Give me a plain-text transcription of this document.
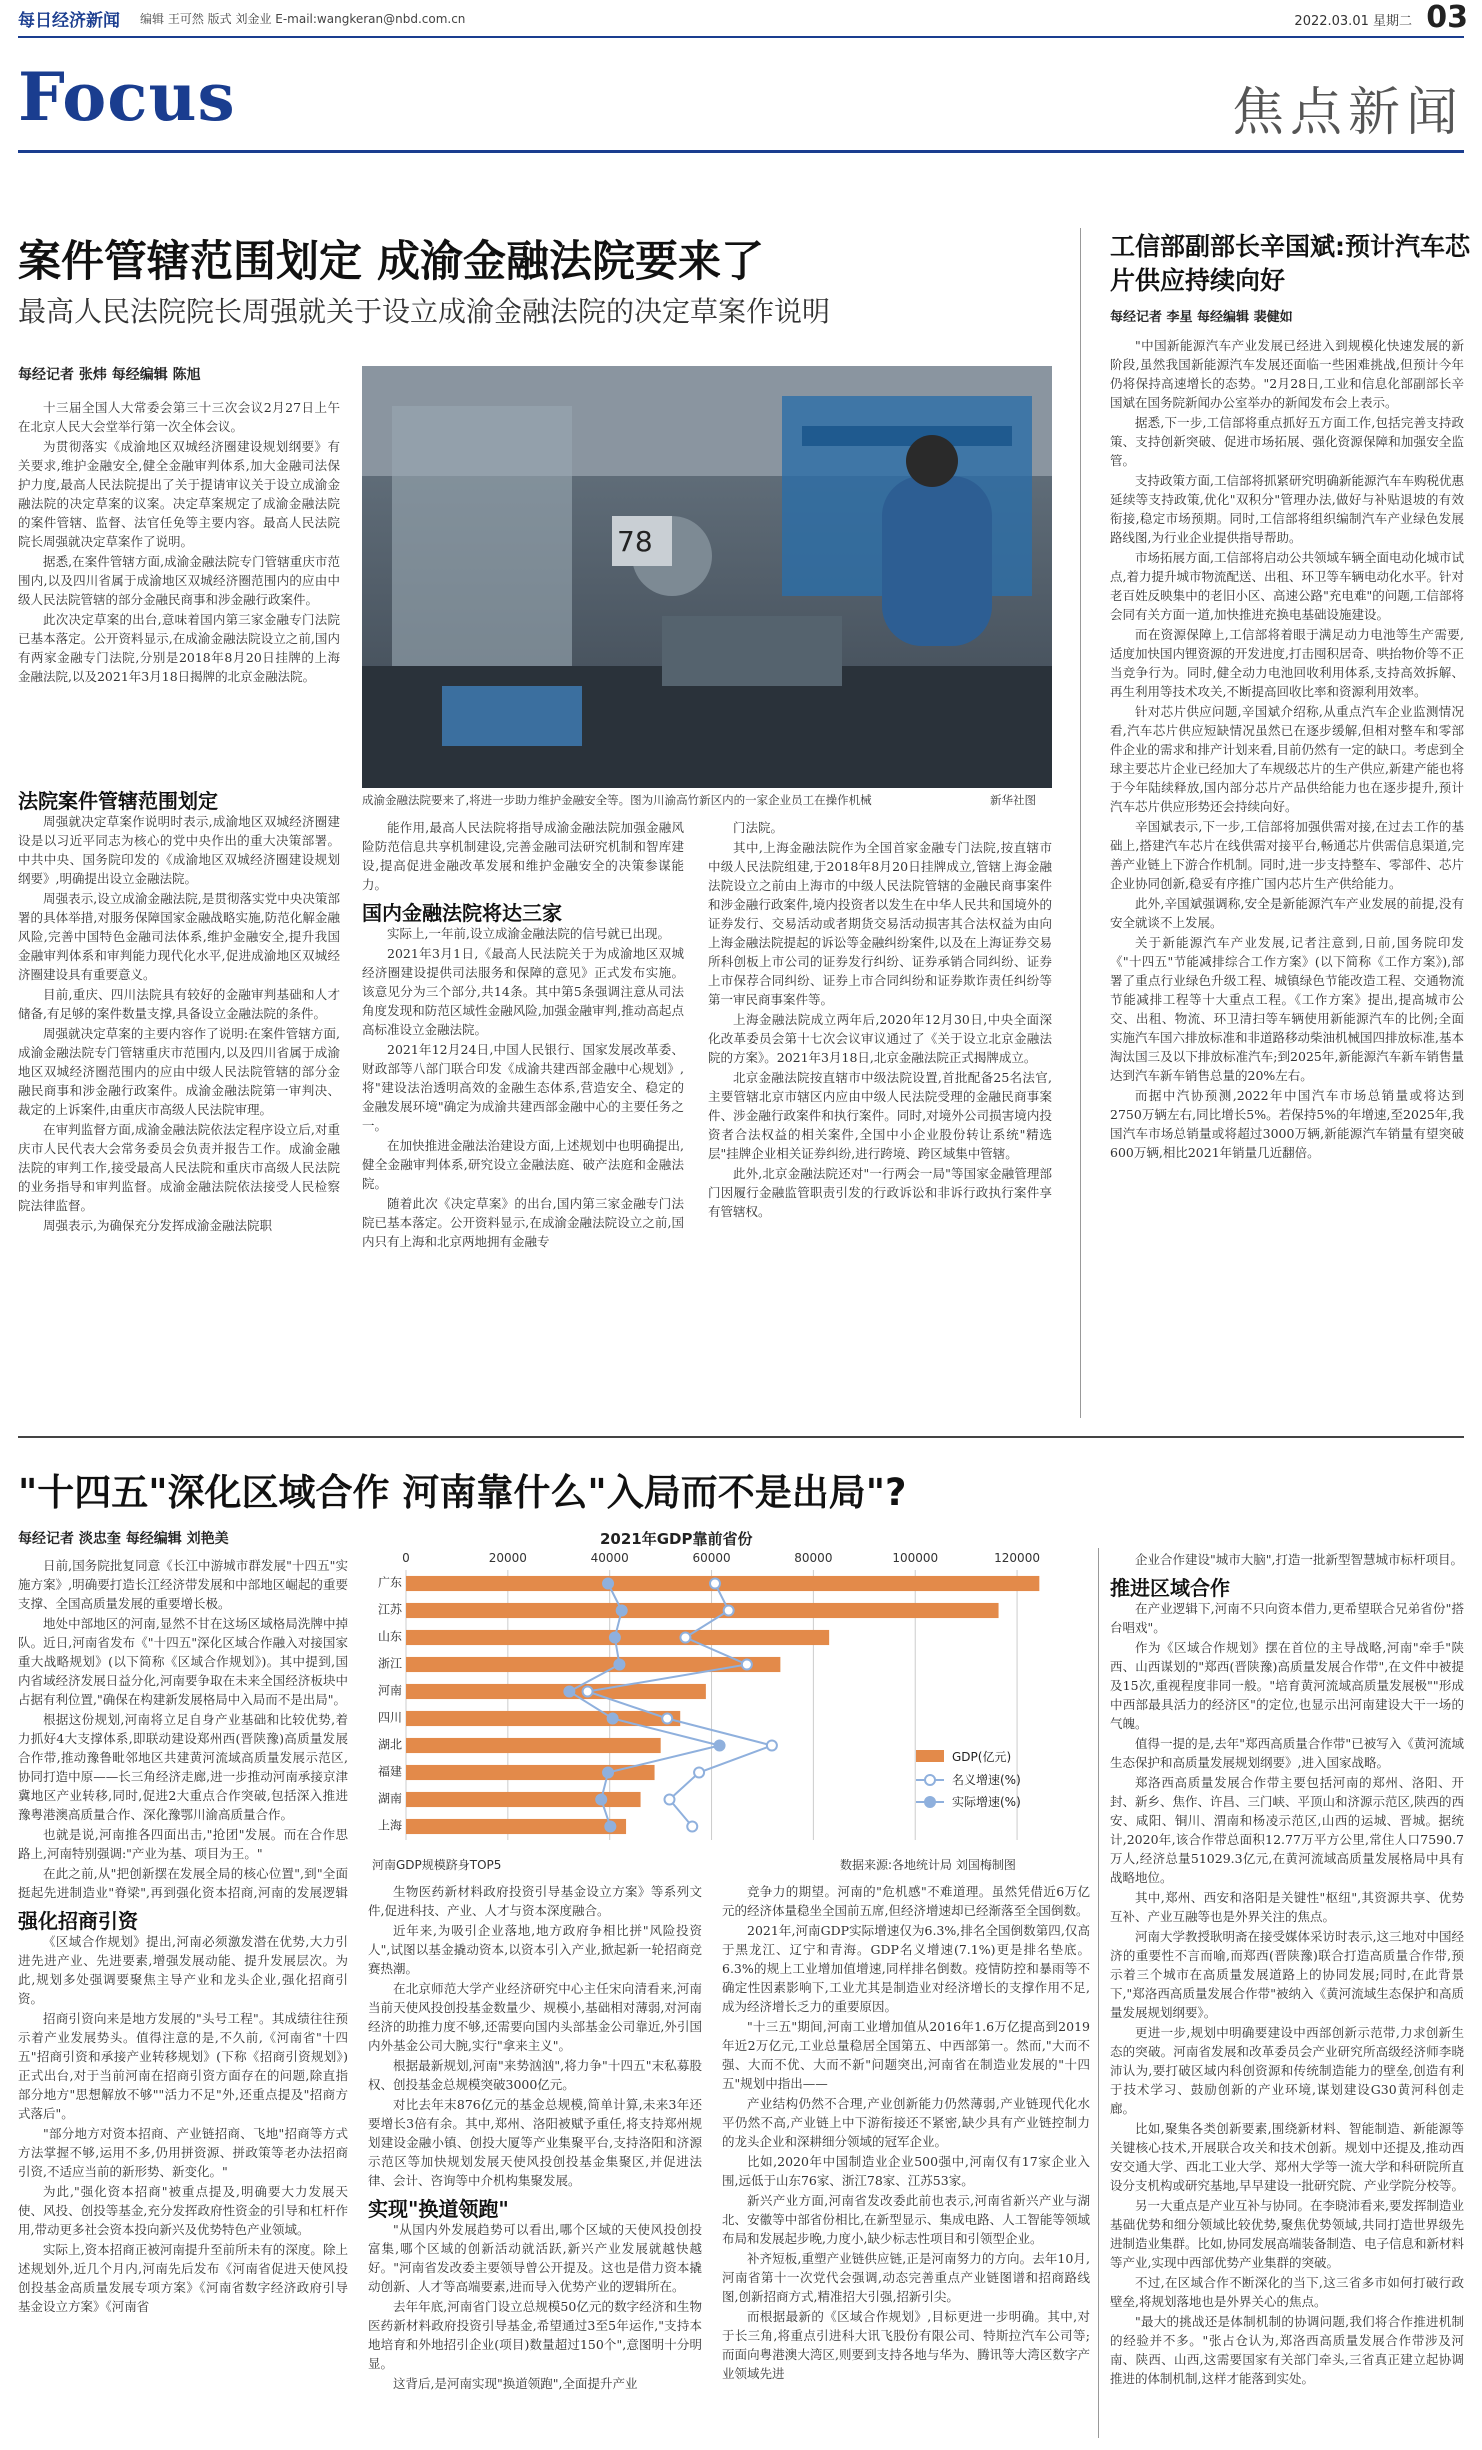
每日经济新闻 编辑 王可然 版式 刘金业 E-mail:wangkeran@nbd.com.cn	2022.03.01 星期二 03
Focus	焦点新闻
案件管辖范围划定 成渝金融法院要来了
最高人民法院院长周强就关于设立成渝金融法院的决定草案作说明
每经记者 张炜 每经编辑 陈旭

十三届全国人大常委会第三十三次会议2月27日上午在北京人民大会堂举行第一次全体会议。

为贯彻落实《成渝地区双城经济圈建设规划纲要》有关要求,维护金融安全,健全金融审判体系,加大金融司法保护力度,最高人民法院提出了关于提请审议关于设立成渝金融法院的决定草案的议案。决定草案规定了成渝金融法院的案件管辖、监督、法官任免等主要内容。最高人民法院院长周强就决定草案作了说明。

据悉,在案件管辖方面,成渝金融法院专门管辖重庆市范围内,以及四川省属于成渝地区双城经济圈范围内的应由中级人民法院管辖的部分金融民商事和涉金融行政案件。

此次决定草案的出台,意味着国内第三家金融专门法院已基本落定。公开资料显示,在成渝金融法院设立之前,国内有两家金融专门法院,分别是2018年8月20日挂牌的上海金融法院,以及2021年3月18日揭牌的北京金融法院。

法院案件管辖范围划定

周强就决定草案作说明时表示,成渝地区双城经济圈建设是以习近平同志为核心的党中央作出的重大决策部署。中共中央、国务院印发的《成渝地区双城经济圈建设规划纲要》,明确提出设立金融法院。

周强表示,设立成渝金融法院,是贯彻落实党中央决策部署的具体举措,对服务保障国家金融战略实施,防范化解金融风险,完善中国特色金融司法体系,维护金融安全,提升我国金融审判体系和审判能力现代化水平,促进成渝地区双城经济圈建设具有重要意义。

目前,重庆、四川法院具有较好的金融审判基础和人才储备,有足够的案件数量支撑,具备设立金融法院的条件。

周强就决定草案的主要内容作了说明:在案件管辖方面,成渝金融法院专门管辖重庆市范围内,以及四川省属于成渝地区双城经济圈范围内的应由中级人民法院管辖的部分金融民商事和涉金融行政案件。成渝金融法院第一审判决、裁定的上诉案件,由重庆市高级人民法院审理。

在审判监督方面,成渝金融法院依法定程序设立后,对重庆市人民代表大会常务委员会负责并报告工作。成渝金融法院的审判工作,接受最高人民法院和重庆市高级人民法院的业务指导和审判监督。成渝金融法院依法接受人民检察院法律监督。

周强表示,为确保充分发挥成渝金融法院职

78
成渝金融法院要来了,将进一步助力维护金融安全等。图为川渝高竹新区内的一家企业员工在操作机械	新华社图

能作用,最高人民法院将指导成渝金融法院加强金融风险防范信息共享机制建设,完善金融司法研究机制和智库建设,提高促进金融改革发展和维护金融安全的决策参谋能力。

国内金融法院将达三家

实际上,一年前,设立成渝金融法院的信号就已出现。

2021年3月1日,《最高人民法院关于为成渝地区双城经济圈建设提供司法服务和保障的意见》正式发布实施。该意见分为三个部分,共14条。其中第5条强调注意从司法角度发现和防范区域性金融风险,加强金融审判,推动高起点高标准设立金融法院。

2021年12月24日,中国人民银行、国家发展改革委、财政部等八部门联合印发《成渝共建西部金融中心规划》,将"建设法治透明高效的金融生态体系,营造安全、稳定的金融发展环境"确定为成渝共建西部金融中心的主要任务之一。

在加快推进金融法治建设方面,上述规划中也明确提出,健全金融审判体系,研究设立金融法庭、破产法庭和金融法院。

随着此次《决定草案》的出台,国内第三家金融专门法院已基本落定。公开资料显示,在成渝金融法院设立之前,国内只有上海和北京两地拥有金融专

门法院。

其中,上海金融法院作为全国首家金融专门法院,按直辖市中级人民法院组建,于2018年8月20日挂牌成立,管辖上海金融法院设立之前由上海市的中级人民法院管辖的金融民商事案件和涉金融行政案件,境内投资者以发生在中华人民共和国境外的证券发行、交易活动或者期货交易活动损害其合法权益为由向上海金融法院提起的诉讼等金融纠纷案件,以及在上海证券交易所科创板上市公司的证券发行纠纷、证券承销合同纠纷、证券上市保荐合同纠纷、证券上市合同纠纷和证券欺诈责任纠纷等第一审民商事案件等。

上海金融法院成立两年后,2020年12月30日,中央全面深化改革委员会第十七次会议审议通过了《关于设立北京金融法院的方案》。2021年3月18日,北京金融法院正式揭牌成立。

北京金融法院按直辖市中级法院设置,首批配备25名法官,主要管辖北京市辖区内应由中级人民法院受理的金融民商事案件、涉金融行政案件和执行案件。同时,对境外公司损害境内投资者合法权益的相关案件,全国中小企业股份转让系统"精选层"挂牌企业相关证券纠纷,进行跨境、跨区域集中管辖。

此外,北京金融法院还对"一行两会一局"等国家金融管理部门因履行金融监管职责引发的行政诉讼和非诉行政执行案件享有管辖权。

工信部副部长辛国斌:预计汽车芯片供应持续向好
每经记者 李星 每经编辑 裴健如

"中国新能源汽车产业发展已经进入到规模化快速发展的新阶段,虽然我国新能源汽车发展还面临一些困难挑战,但预计今年仍将保持高速增长的态势。"2月28日,工业和信息化部副部长辛国斌在国务院新闻办公室举办的新闻发布会上表示。

据悉,下一步,工信部将重点抓好五方面工作,包括完善支持政策、支持创新突破、促进市场拓展、强化资源保障和加强安全监管。

支持政策方面,工信部将抓紧研究明确新能源汽车车购税优惠延续等支持政策,优化"双积分"管理办法,做好与补贴退坡的有效衔接,稳定市场预期。同时,工信部将组织编制汽车产业绿色发展路线图,为行业企业提供指导帮助。

市场拓展方面,工信部将启动公共领域车辆全面电动化城市试点,着力提升城市物流配送、出租、环卫等车辆电动化水平。针对老百姓反映集中的老旧小区、高速公路"充电难"的问题,工信部将会同有关方面一道,加快推进充换电基础设施建设。

而在资源保障上,工信部将着眼于满足动力电池等生产需要,适度加快国内锂资源的开发进度,打击囤积居奇、哄抬物价等不正当竞争行为。同时,健全动力电池回收利用体系,支持高效拆解、再生利用等技术攻关,不断提高回收比率和资源利用效率。

针对芯片供应问题,辛国斌介绍称,从重点汽车企业监测情况看,汽车芯片供应短缺情况虽然已在逐步缓解,但相对整车和零部件企业的需求和排产计划来看,目前仍然有一定的缺口。考虑到全球主要芯片企业已经加大了车规级芯片的生产供应,新建产能也将于今年陆续释放,国内部分芯片产品供给能力也在逐步提升,预计汽车芯片供应形势还会持续向好。

辛国斌表示,下一步,工信部将加强供需对接,在过去工作的基础上,搭建汽车芯片在线供需对接平台,畅通芯片供需信息渠道,完善产业链上下游合作机制。同时,进一步支持整车、零部件、芯片企业协同创新,稳妥有序推广国内芯片生产供给能力。

此外,辛国斌强调称,安全是新能源汽车产业发展的前提,没有安全就谈不上发展。

关于新能源汽车产业发展,记者注意到,日前,国务院印发《"十四五"节能减排综合工作方案》(以下简称《工作方案》),部署了重点行业绿色升级工程、城镇绿色节能改造工程、交通物流节能减排工程等十大重点工程。《工作方案》提出,提高城市公交、出租、物流、环卫清扫等车辆使用新能源汽车的比例;全面实施汽车国六排放标准和非道路移动柴油机械国四排放标准,基本淘汰国三及以下排放标准汽车;到2025年,新能源汽车新车销售量达到汽车新车销售总量的20%左右。

而据中汽协预测,2022年中国汽车市场总销量或将达到2750万辆左右,同比增长5%。若保持5%的年增速,至2025年,我国汽车市场总销量或将超过3000万辆,新能源汽车销量有望突破600万辆,相比2021年销量几近翻倍。

"十四五"深化区域合作 河南靠什么"入局而不是出局"?
每经记者 淡忠奎 每经编辑 刘艳美

日前,国务院批复同意《长江中游城市群发展"十四五"实施方案》,明确要打造长江经济带发展和中部地区崛起的重要支撑、全国高质量发展的重要增长极。

地处中部地区的河南,显然不甘在这场区域格局洗牌中掉队。近日,河南省发布《"十四五"深化区域合作融入对接国家重大战略规划》(以下简称《区域合作规划》)。其中提到,国内省域经济发展日益分化,河南要争取在未来全国经济板块中占据有利位置,"确保在构建新发展格局中入局而不是出局"。

根据这份规划,河南将立足自身产业基础和比较优势,着力抓好4大支撑体系,即联动建设郑州西(晋陕豫)高质量发展合作带,推动豫鲁毗邻地区共建黄河流域高质量发展示范区,协同打造中原——长三角经济走廊,进一步推动河南承接京津冀地区产业转移,同时,促进2大重点合作突破,包括深入推进豫粤港澳高质量合作、深化豫鄂川渝高质量合作。

也就是说,河南推各四面出击,"抢团"发展。而在合作思路上,河南特别强调:"产业为基、项目为王。"

在此之前,从"把创新摆在发展全局的核心位置",到"全面挺起先进制造业"脊梁",再到强化资本招商,河南的发展逻辑

强化招商引资

《区域合作规划》提出,河南必须激发潜在优势,大力引进先进产业、先进要素,增强发展动能、提升发展层次。为此,规划多处强调要聚焦主导产业和龙头企业,强化招商引资。

招商引资向来是地方发展的"头号工程"。其成绩往往预示着产业发展势头。值得注意的是,不久前,《河南省"十四五"招商引资和承接产业转移规划》(下称《招商引资规划》)正式出台,对于当前河南在招商引资方面存在的问题,除直指部分地方"思想解放不够""活力不足"外,还重点提及"招商方式落后"。

"部分地方对资本招商、产业链招商、飞地"招商等方式方法掌握不够,运用不多,仍用拼资源、拼政策等老办法招商引资,不适应当前的新形势、新变化。"

为此,"强化资本招商"被重点提及,明确要大力发展天使、风投、创投等基金,充分发挥政府性资金的引导和杠杆作用,带动更多社会资本投向新兴及优势特色产业领域。

实际上,资本招商正被河南提升至前所未有的深度。除上述规划外,近几个月内,河南先后发布《河南省促进天使风投创投基金高质量发展专项方案》《河南省数字经济政府引导基金设立方案》《河南省

2021年GDP靠前省份
0	20000	40000	60000	80000	100000	120000
广东
江苏
山东
浙江
河南
四川
湖北
福建
湖南
上海
GDP(亿元)
名义增速(%)
实际增速(%)
河南GDP规模跻身TOP5	数据来源:各地统计局 刘国梅制图

生物医药新材料政府投资引导基金设立方案》等系列文件,促进科技、产业、人才与资本深度融合。

近年来,为吸引企业落地,地方政府争相比拼"风险投资人",试图以基金撬动资本,以资本引入产业,掀起新一轮招商竞赛热潮。

在北京师范大学产业经济研究中心主任宋向清看来,河南当前天使风投创投基金数量少、规模小,基础相对薄弱,对河南经济的助推力度不够,还需要向国内头部基金公司靠近,外引国内外基金公司大腕,实行"拿来主义"。

根据最新规划,河南"来势汹汹",将力争"十四五"末私募股权、创投基金总规模突破3000亿元。

对比去年末876亿元的基金总规模,简单计算,未来3年还要增长3倍有余。其中,郑州、洛阳被赋予重任,将支持郑州规划建设金融小镇、创投大厦等产业集聚平台,支持洛阳和济源示范区等加快规划发展天使风投创投基金集聚区,并促进法律、会计、咨询等中介机构集聚发展。

实现"换道领跑"

"从国内外发展趋势可以看出,哪个区域的天使风投创投富集,哪个区域的创新活动就活跃,新兴产业发展就越快越好。"河南省发改委主要领导曾公开提及。这也是借力资本撬动创新、人才等高端要素,进而导入优势产业的逻辑所在。

去年年底,河南省门设立总规模50亿元的数字经济和生物医药新材料政府投资引导基金,希望通过3至5年运作,"支持本地培育和外地招引企业(项目)数量超过150个",意图明十分明显。

这背后,是河南实现"换道领跑",全面提升产业

竞争力的期望。河南的"危机感"不难道理。虽然凭借近6万亿元的经济体量稳坐全国前五席,但经济增速却已经渐落至全国倒数。

2021年,河南GDP实际增速仅为6.3%,排名全国倒数第四,仅高于黑龙江、辽宁和青海。GDP名义增速(7.1%)更是排名垫底。6.3%的规上工业增加值增速,同样排名倒数。疫情防控和暴雨等不确定性因素影响下,工业尤其是制造业对经济增长的支撑作用不足,成为经济增长乏力的重要原因。

"十三五"期间,河南工业增加值从2016年1.6万亿提高到2019年近2万亿元,工业总量稳居全国第五、中西部第一。然而,"大而不强、大而不优、大而不新"问题突出,河南省在制造业发展的"十四五"规划中指出——

产业结构仍然不合理,产业创新能力仍然薄弱,产业链现代化水平仍然不高,产业链上中下游衔接还不紧密,缺少具有产业链控制力的龙头企业和深耕细分领域的冠军企业。

比如,2020年中国制造业企业500强中,河南仅有17家企业入围,远低于山东76家、浙江78家、江苏53家。

新兴产业方面,河南省发改委此前也表示,河南省新兴产业与湖北、安徽等中部省份相比,在新型显示、集成电路、人工智能等领域布局和发展起步晚,力度小,缺少标志性项目和引领型企业。

补齐短板,重塑产业链供应链,正是河南努力的方向。去年10月,河南省第十一次党代会强调,动态完善重点产业链图谱和招商路线图,创新招商方式,精准招大引强,招新引尖。

而根据最新的《区域合作规划》,目标更进一步明确。其中,对于长三角,将重点引进科大讯飞股份有限公司、特斯拉汽车公司等;而面向粤港澳大湾区,则要到支持各地与华为、腾讯等大湾区数字产业领域先进

企业合作建设"城市大脑",打造一批新型智慧城市标杆项目。

推进区域合作

在产业逻辑下,河南不只向资本借力,更希望联合兄弟省份"搭台唱戏"。

作为《区域合作规划》摆在首位的主导战略,河南"牵手"陕西、山西谋划的"郑西(晋陕豫)高质量发展合作带",在文件中被提及15次,重视程度非同一般。"培育黄河流域高质量发展极""形成中西部最具活力的经济区"的定位,也显示出河南建设大干一场的气魄。

值得一提的是,去年"郑西高质量合作带"已被写入《黄河流域生态保护和高质量发展规划纲要》,进入国家战略。

郑洛西高质量发展合作带主要包括河南的郑州、洛阳、开封、新乡、焦作、许昌、三门峡、平顶山和济源示范区,陕西的西安、咸阳、铜川、渭南和杨凌示范区,山西的运城、晋城。据统计,2020年,该合作带总面积12.77万平方公里,常住人口7590.7万人,经济总量51029.3亿元,在黄河流域高质量发展格局中具有战略地位。

其中,郑州、西安和洛阳是关键性"枢纽",其资源共享、优势互补、产业互融等也是外界关注的焦点。

河南大学教授耿明斋在接受媒体采访时表示,这三地对中国经济的重要性不言而喻,而郑西(晋陕豫)联合打造高质量合作带,预示着三个城市在高质量发展道路上的协同发展;同时,在此背景下,"郑洛西高质量发展合作带"被纳入《黄河流域生态保护和高质量发展规划纲要》。

更进一步,规划中明确要建设中西部创新示范带,力求创新生态的突破。河南省发展和改革委员会产业研究所高级经济师李晓沛认为,要打破区域内科创资源和传统制造能力的壁垒,创造有利于技术学习、鼓励创新的产业环境,谋划建设G30黄河科创走廊。

比如,聚集各类创新要素,围绕新材料、智能制造、新能源等关键核心技术,开展联合攻关和技术创新。规划中还提及,推动西安交通大学、西北工业大学、郑州大学等一流大学和科研院所直设分支机构或研究基地,早早建设一批研究院、产业学院分校等。

另一大重点是产业互补与协同。在李晓沛看来,要发挥制造业基础优势和细分领域比较优势,聚焦优势领域,共同打造世界级先进制造业集群。比如,协同发展高端装备制造、电子信息和新材料等产业,实现中西部优势产业集群的突破。

不过,在区域合作不断深化的当下,这三省多市如何打破行政壁垒,将规划落地也是外界关心的焦点。

"最大的挑战还是体制机制的协调问题,我们将合作推进机制的经验并不多。"张占仓认为,郑洛西高质量发展合作带涉及河南、陕西、山西,这需要国家有关部门牵头,三省真正建立起协调推进的体制机制,这样才能落到实处。
